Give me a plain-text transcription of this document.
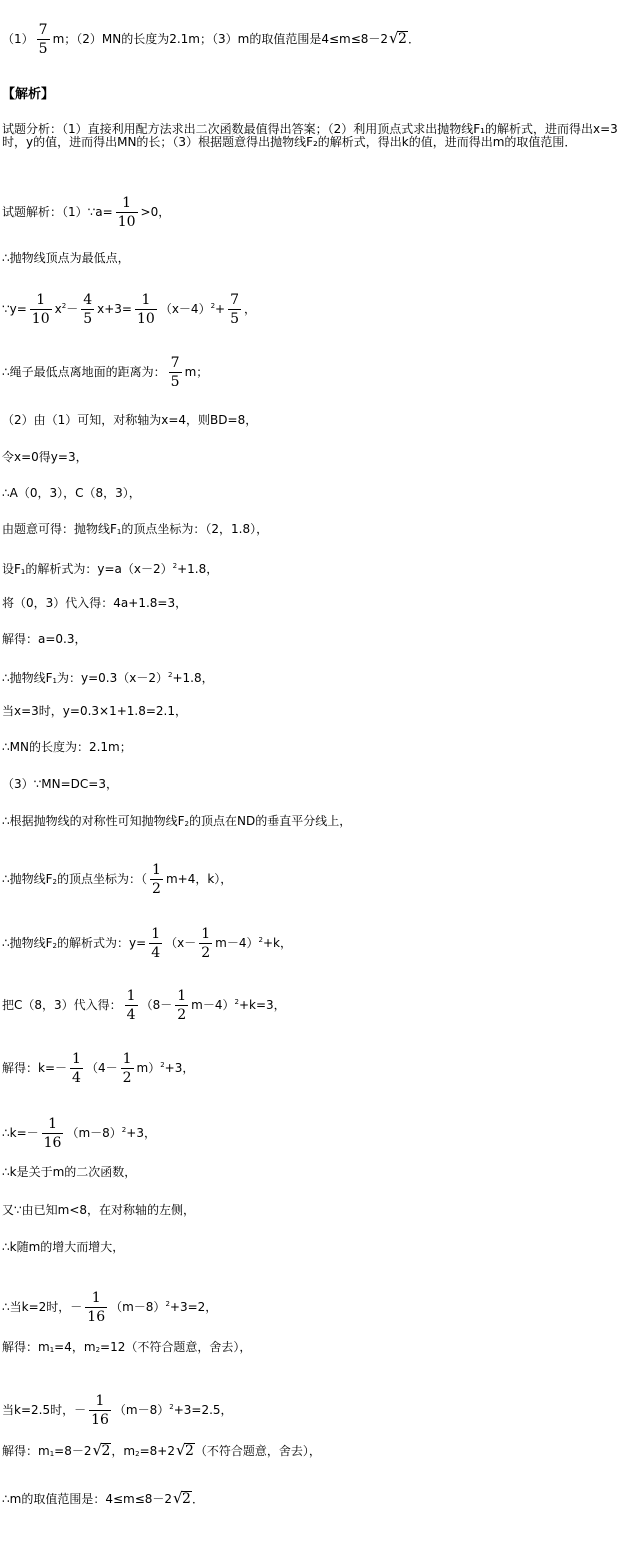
$(1) \frac{7}{5}$ m；（2）MN的长度为2.1m；（3）m的取值范围是4≤m≤8－2 √ 2．
【解析】
试题分析：（1）直接利用配方法求出二次函数最值得出答案；（2）利用顶点式求出抛物线F₁的解析式，进而得出x=3时，y的值，进而得出MN的长；（3）根据题意得出抛物线F₂的解析式，得出k的值，进而得出m的取值范围．
试题解析：（1）∵a= $\frac{1}{10} >0$，
∴抛物线顶点为最低点，
∵y= $\frac{1}{10} x^2- \frac{4}{5} x+3= \frac{1}{10} (x-4)^2+ \frac{7}{5}$ ，
∴绳子最低点离地面的距离为： $\frac{7}{5}$ m；
（2）由（1）可知，对称轴为x=4，则BD=8，
令x=0得y=3，
∴A（0，3），C（8，3），
由题意可得：抛物线F1的顶点坐标为：（2，1.8），
设F1的解析式为：$y=a(x-2)^2+1.8$，
将（0，3）代入得：4a+1.8=3，
解得：a=0.3，
∴抛物线F1为：$y=0.3(x-2)^2+1.8$，
当x=3时，y=0.3×1+1.8=2.1，
∴MN的长度为：2.1m；
（3）∵MN=DC=3，
∴根据抛物线的对称性可知抛物线F2的顶点在ND的垂直平分线上，
∴抛物线F2的顶点坐标为：（ $\frac{1}{2} m+4$，k），
∴抛物线F2的解析式为：$y= \frac{1}{4} (x- \frac{1}{2} m-4)^2+k$，
把C（8，3）代入得： $\frac{1}{4} (8- \frac{1}{2} m-4)^2+k=3$，
解得：$k=- \frac{1}{4} (4- \frac{1}{2} m)^2+3$，
∴k=－ $\frac{1}{16} (m-8)^2+3$，
∴k是关于m的二次函数，
又∵由已知m<8，在对称轴的左侧，
∴k随m的增大而增大，
∴当k=2时，－ $\frac{1}{16} (m-8)^2+3=2$，
解得：m1=4，m2=12（不符合题意，舍去），
当k=2.5时，－ $\frac{1}{16} (m-8)^2+3=2.5$，
解得：m1=8－2 √ 2，m2=8+2 √ 2（不符合题意，舍去），
∴m的取值范围是：4≤m≤8－2 √ 2．
